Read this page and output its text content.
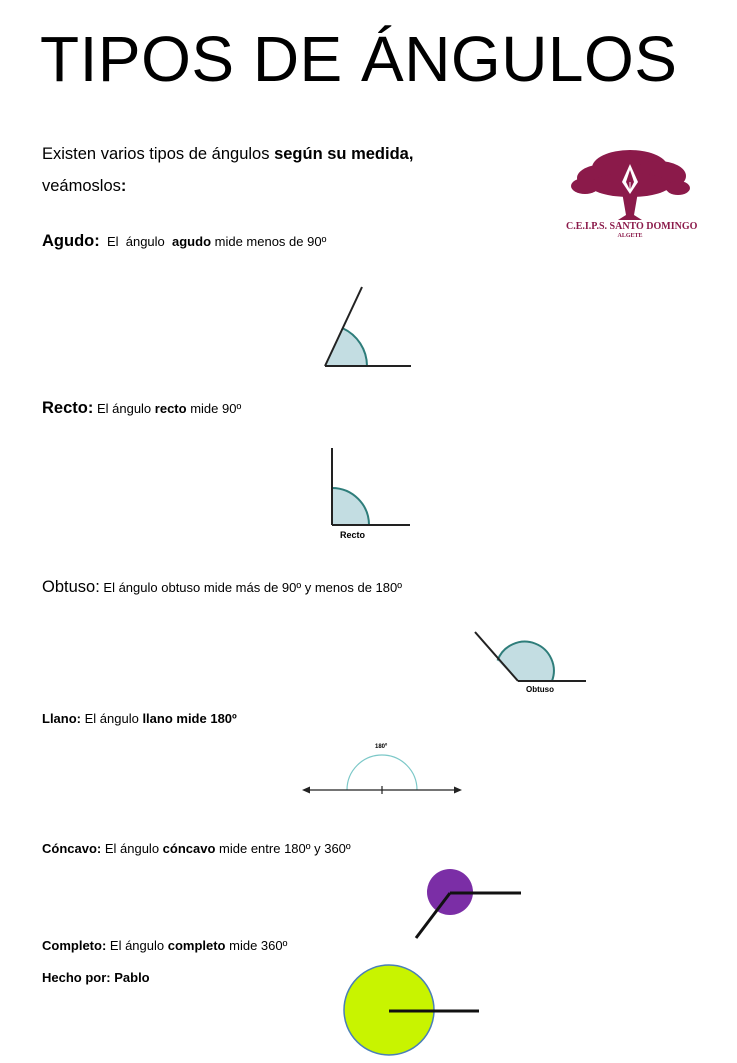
TIPOS DE ÁNGULOS
Existen varios tipos de ángulos según su medida,
veámoslos:
C.E.I.P.S. SANTO DOMINGO
ALGETE
Agudo:  El  ángulo  agudo mide menos de 90º
Recto: El ángulo recto mide 90º
Recto
Obtuso: El ángulo obtuso mide más de 90º y menos de 180º
Obtuso
Llano: El ángulo llano mide 180º
180º
Cóncavo: El ángulo cóncavo mide entre 180º y 360º
Completo: El ángulo completo mide 360º
Hecho por: Pablo
